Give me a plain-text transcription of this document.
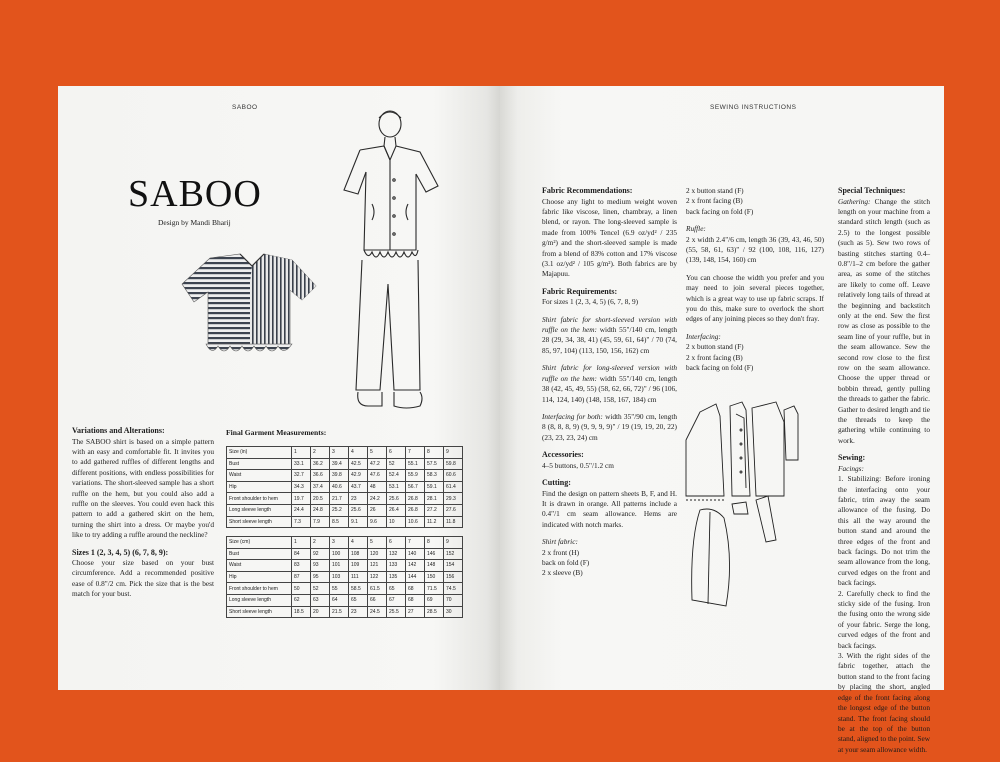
SABOO
SABOO
Design by Mandi Bharij
Variations and Alterations:

The SABOO shirt is based on a simple pattern with an easy and comfortable fit. It invites you to add gathered ruffles of different lengths and different positions, with endless possibilities for variations. The short-sleeved sample has a short ruffle on the hem, but you could also add a ruffle on the sleeves. You could even hack this pattern to add a gathered skirt on the hem, turning the shirt into a dress. Or maybe you'd like to try adding a ruffle around the neckline?

Sizes 1 (2, 3, 4, 5) (6, 7, 8, 9):

Choose your size based on your bust circumference. Add a recommended positive ease of 0.8"/2 cm. Pick the size that is the best match for your bust.

Final Garment Measurements:
Size (in)	1	2	3	4	5	6	7	8	9
Bust	33.1	36.2	39.4	42.5	47.2	52	55.1	57.5	59.8
Waist	32.7	36.6	39.8	42.9	47.6	52.4	55.9	58.3	60.6
Hip	34.3	37.4	40.6	43.7	48	53.1	56.7	59.1	61.4
Front shoulder to hem	19.7	20.5	21.7	23	24.2	25.6	26.8	28.1	29.3
Long sleeve length	24.4	24.8	25.2	25.6	26	26.4	26.8	27.2	27.6
Short sleeve length	7.3	7.9	8.5	9.1	9.6	10	10.6	11.2	11.8
Size (cm)	1	2	3	4	5	6	7	8	9
Bust	84	92	100	108	120	132	140	146	152
Waist	83	93	101	109	121	133	142	148	154
Hip	87	95	103	111	122	135	144	150	156
Front shoulder to hem	50	52	55	58.5	61.5	65	68	71.5	74.5
Long sleeve length	62	63	64	65	66	67	68	69	70
Short sleeve length	18.5	20	21.5	23	24.5	25.5	27	28.5	30
SEWING INSTRUCTIONS
Fabric Recommendations:

Choose any light to medium weight woven fabric like viscose, linen, chambray, a linen blend, or rayon. The long-sleeved sample is made from 100% Tencel (6.9 oz/yd² / 235 g/m²) and the short-sleeved sample is made from a blend of 83% cotton and 17% viscose (3.1 oz/yd² / 105 g/m²). Both fabrics are by Majapuu.

Fabric Requirements:

For sizes 1 (2, 3, 4, 5) (6, 7, 8, 9)

Shirt fabric for short-sleeved version with ruffle on the hem: width 55"/140 cm, length 28 (29, 34, 38, 41) (45, 59, 61, 64)" / 70 (74, 85, 97, 104) (113, 150, 156, 162) cm

Shirt fabric for long-sleeved version with ruffle on the hem: width 55"/140 cm, length 38 (42, 45, 49, 55) (58, 62, 66, 72)" / 96 (106, 114, 124, 140) (148, 158, 167, 184) cm

Interfacing for both: width 35"/90 cm, length 8 (8, 8, 8, 9) (9, 9, 9, 9)" / 19 (19, 19, 20, 22) (23, 23, 23, 24) cm

Accessories:

4–5 buttons, 0.5"/1.2 cm

Cutting:

Find the design on pattern sheets B, F, and H. It is drawn in orange. All patterns include a 0.4"/1 cm seam allowance. Hems are indicated with notch marks.

Shirt fabric:
2 x front (H)
back on fold (F)
2 x sleeve (B)
2 x button stand (F)
2 x front facing (B)
back facing on fold (F)
Ruffle:

2 x width 2.4"/6 cm, length 36 (39, 43, 46, 50) (55, 58, 61, 63)" / 92 (100, 108, 116, 127) (139, 148, 154, 160) cm

You can choose the width you prefer and you may need to join several pieces together, which is a great way to use up fabric scraps. If you do this, make sure to overlock the short edges of any joining pieces so they don't fray.

Interfacing:
2 x button stand (F)
2 x front facing (B)
back facing on fold (F)
Special Techniques:

Gathering: Change the stitch length on your machine from a standard stitch length (such as 2.5) to the longest possible (such as 5). Sew two rows of basting stitches starting 0.4–0.8"/1–2 cm before the gather area, as some of the stitches are likely to come off. Leave relatively long tails of thread at the beginning and backstitch only at the end. Sew the first row as close as possible to the seam line of your ruffle, but in the seam allowance. Sew the second row close to the first row on the seam allowance. Choose the upper thread or bobbin thread, gently pulling the threads to gather the fabric. Gather to desired length and tie the threads to keep the gathering while continuing to work.

Sewing:
Facings:

1. Stabilizing: Before ironing the interfacing onto your fabric, trim away the seam allowance of the fusing. Do this all the way around the button stand and around the three edges of the front and back facings. Do not trim the seam allowance from the long, curved edges on the front and back facings.

2. Carefully check to find the sticky side of the fusing. Iron the fusing onto the wrong side of your fabric. Serge the long, curved edges of the front and back facings.

3. With the right sides of the fabric together, attach the button stand to the front facing by placing the short, angled edge of the front facing along the longest edge of the button stand. The front facing should be at the top of the button stand, aligned to the point. Sew at your seam allowance width.
